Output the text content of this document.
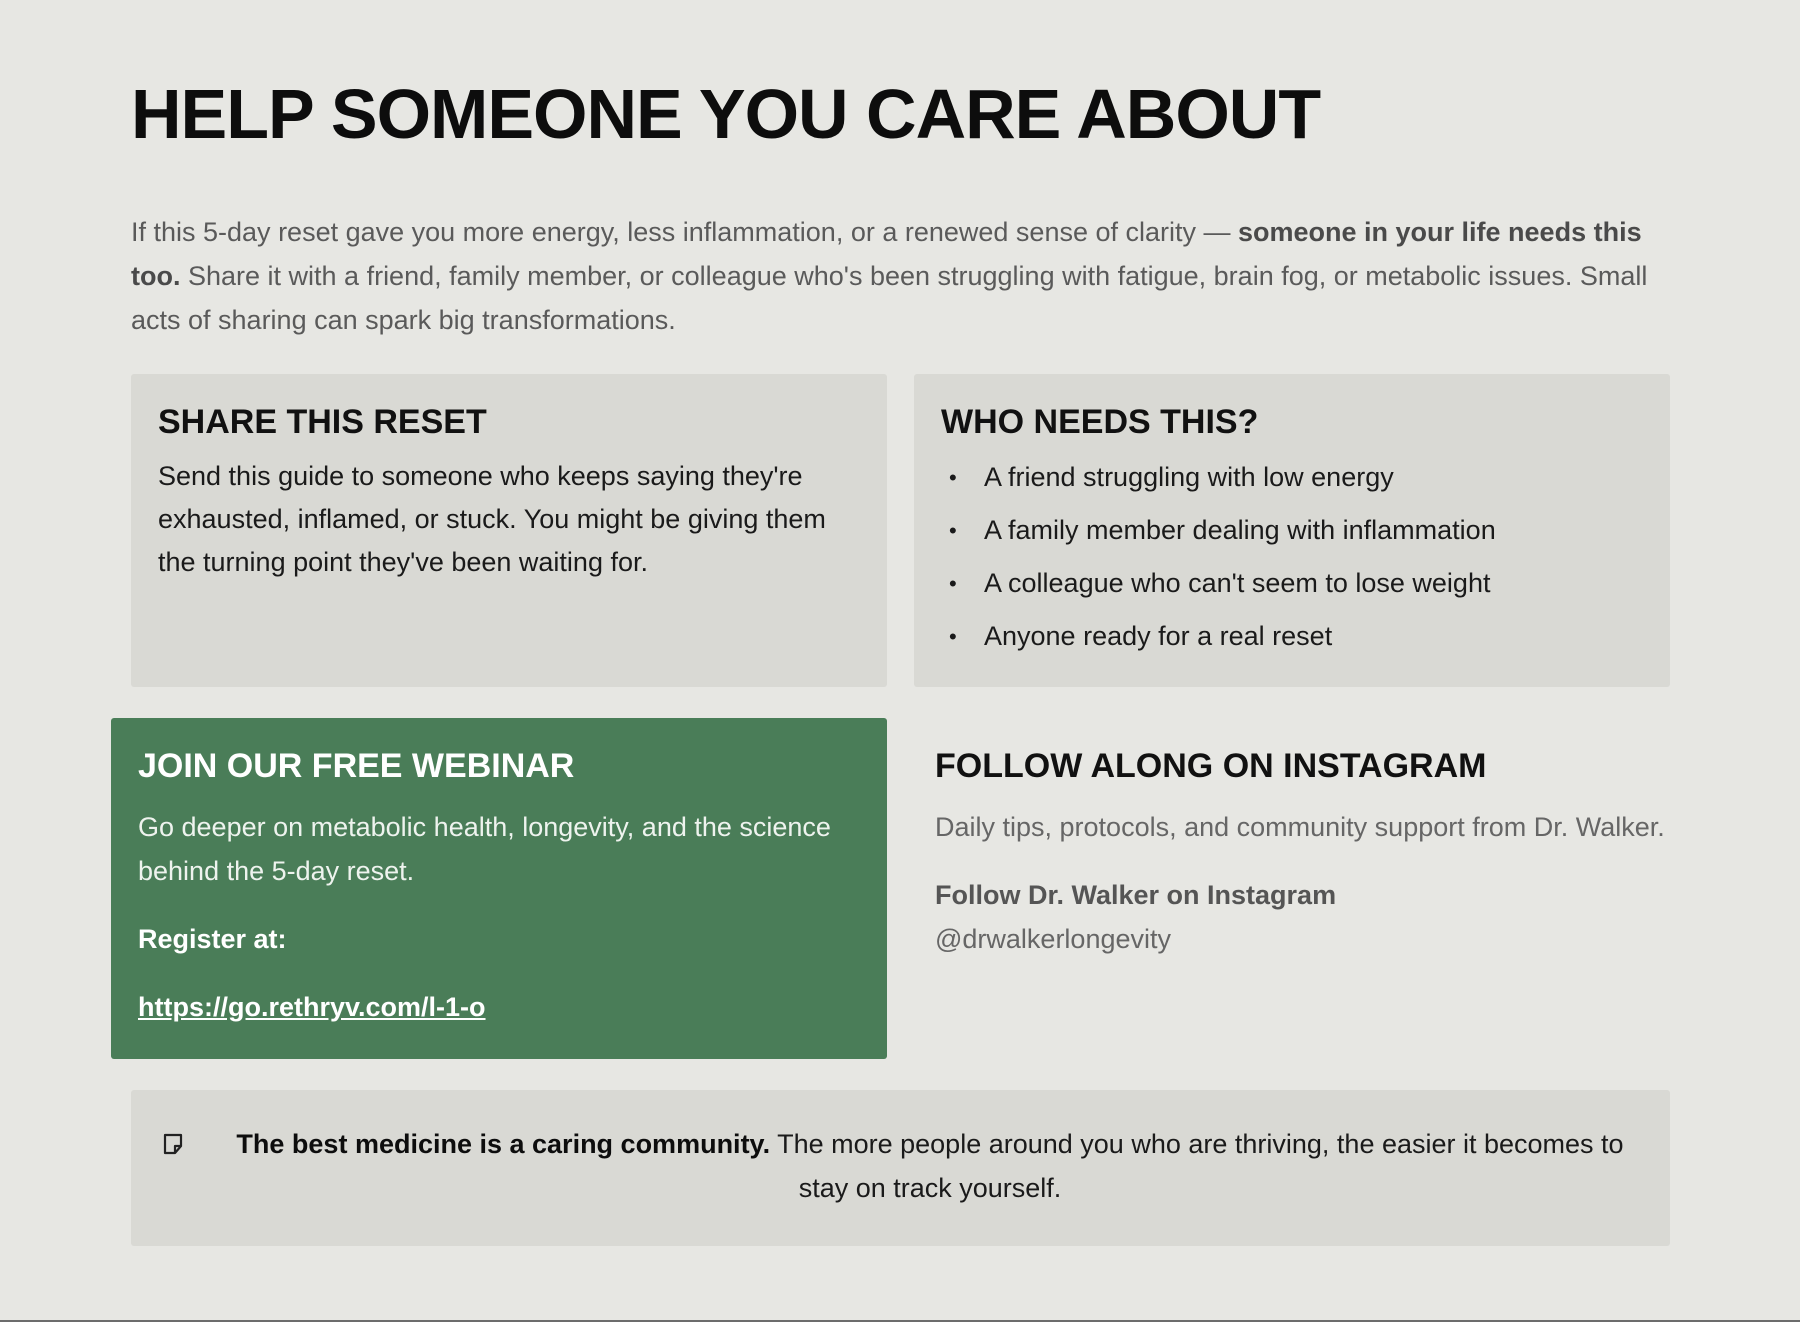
HELP SOMEONE YOU CARE ABOUT

If this 5-day reset gave you more energy, less inflammation, or a renewed sense of clarity — someone in your life needs this too. Share it with a friend, family member, or colleague who's been struggling with fatigue, brain fog, or metabolic issues. Small acts of sharing can spark big transformations.

SHARE THIS RESET

Send this guide to someone who keeps saying they're exhausted, inflamed, or stuck. You might be giving them the turning point they've been waiting for.

WHO NEEDS THIS?
• A friend struggling with low energy
• A family member dealing with inflammation
• A colleague who can't seem to lose weight
• Anyone ready for a real reset
JOIN OUR FREE WEBINAR

Go deeper on metabolic health, longevity, and the science behind the 5-day reset.

Register at:

https://go.rethryv.com/l-1-o
FOLLOW ALONG ON INSTAGRAM

Daily tips, protocols, and community support from Dr. Walker.

Follow Dr. Walker on Instagram

@drwalkerlongevity

The best medicine is a caring community. The more people around you who are thriving, the easier it becomes to stay on track yourself.
